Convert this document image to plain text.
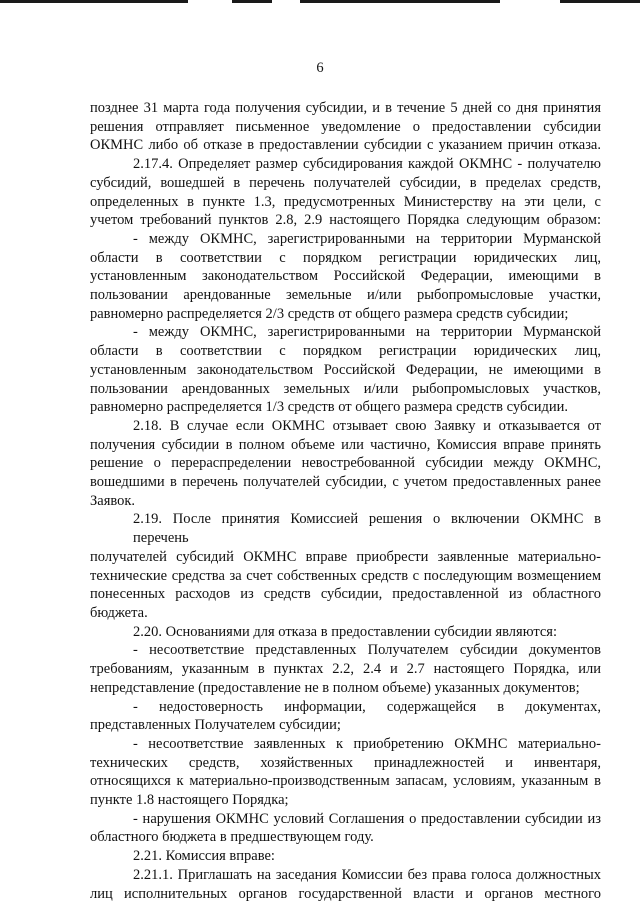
6
позднее 31 марта года получения субсидии, и в течение 5 дней со дня принятия
решения отправляет письменное уведомление о предоставлении субсидии
ОКМНС либо об отказе в предоставлении субсидии с указанием причин отказа.
2.17.4. Определяет размер субсидирования каждой ОКМНС - получателю
субсидий, вошедшей в перечень получателей субсидии, в пределах средств,
определенных в пункте 1.3, предусмотренных Министерству на эти цели, с
учетом требований пунктов 2.8, 2.9 настоящего Порядка следующим образом:
- между ОКМНС, зарегистрированными на территории Мурманской
области в соответствии с порядком регистрации юридических лиц,
установленным законодательством Российской Федерации, имеющими в
пользовании арендованные земельные и/или рыбопромысловые участки,
равномерно распределяется 2/3 средств от общего размера средств субсидии;
- между ОКМНС, зарегистрированными на территории Мурманской
области в соответствии с порядком регистрации юридических лиц,
установленным законодательством Российской Федерации, не имеющими в
пользовании арендованных земельных и/или рыбопромысловых участков,
равномерно распределяется 1/3 средств от общего размера средств субсидии.
2.18. В случае если ОКМНС отзывает свою Заявку и отказывается от
получения субсидии в полном объеме или частично, Комиссия вправе принять
решение о перераспределении невостребованной субсидии между ОКМНС,
вошедшими в перечень получателей субсидии, с учетом предоставленных ранее
Заявок.
2.19. После принятия Комиссией решения о включении ОКМНС в перечень
получателей субсидий ОКМНС вправе приобрести заявленные материально-
технические средства за счет собственных средств с последующим возмещением
понесенных расходов из средств субсидии, предоставленной из областного
бюджета.
2.20. Основаниями для отказа в предоставлении субсидии являются:
- несоответствие представленных Получателем субсидии документов
требованиям, указанным в пунктах 2.2, 2.4 и 2.7 настоящего Порядка, или
непредставление (предоставление не в полном объеме) указанных документов;
- недостоверность информации, содержащейся в документах,
представленных Получателем субсидии;
- несоответствие заявленных к приобретению ОКМНС материально-
технических средств, хозяйственных принадлежностей и инвентаря,
относящихся к материально-производственным запасам, условиям, указанным в
пункте 1.8 настоящего Порядка;
- нарушения ОКМНС условий Соглашения о предоставлении субсидии из
областного бюджета в предшествующем году.
2.21. Комиссия вправе:
2.21.1. Приглашать на заседания Комиссии без права голоса должностных
лиц исполнительных органов государственной власти и органов местного
